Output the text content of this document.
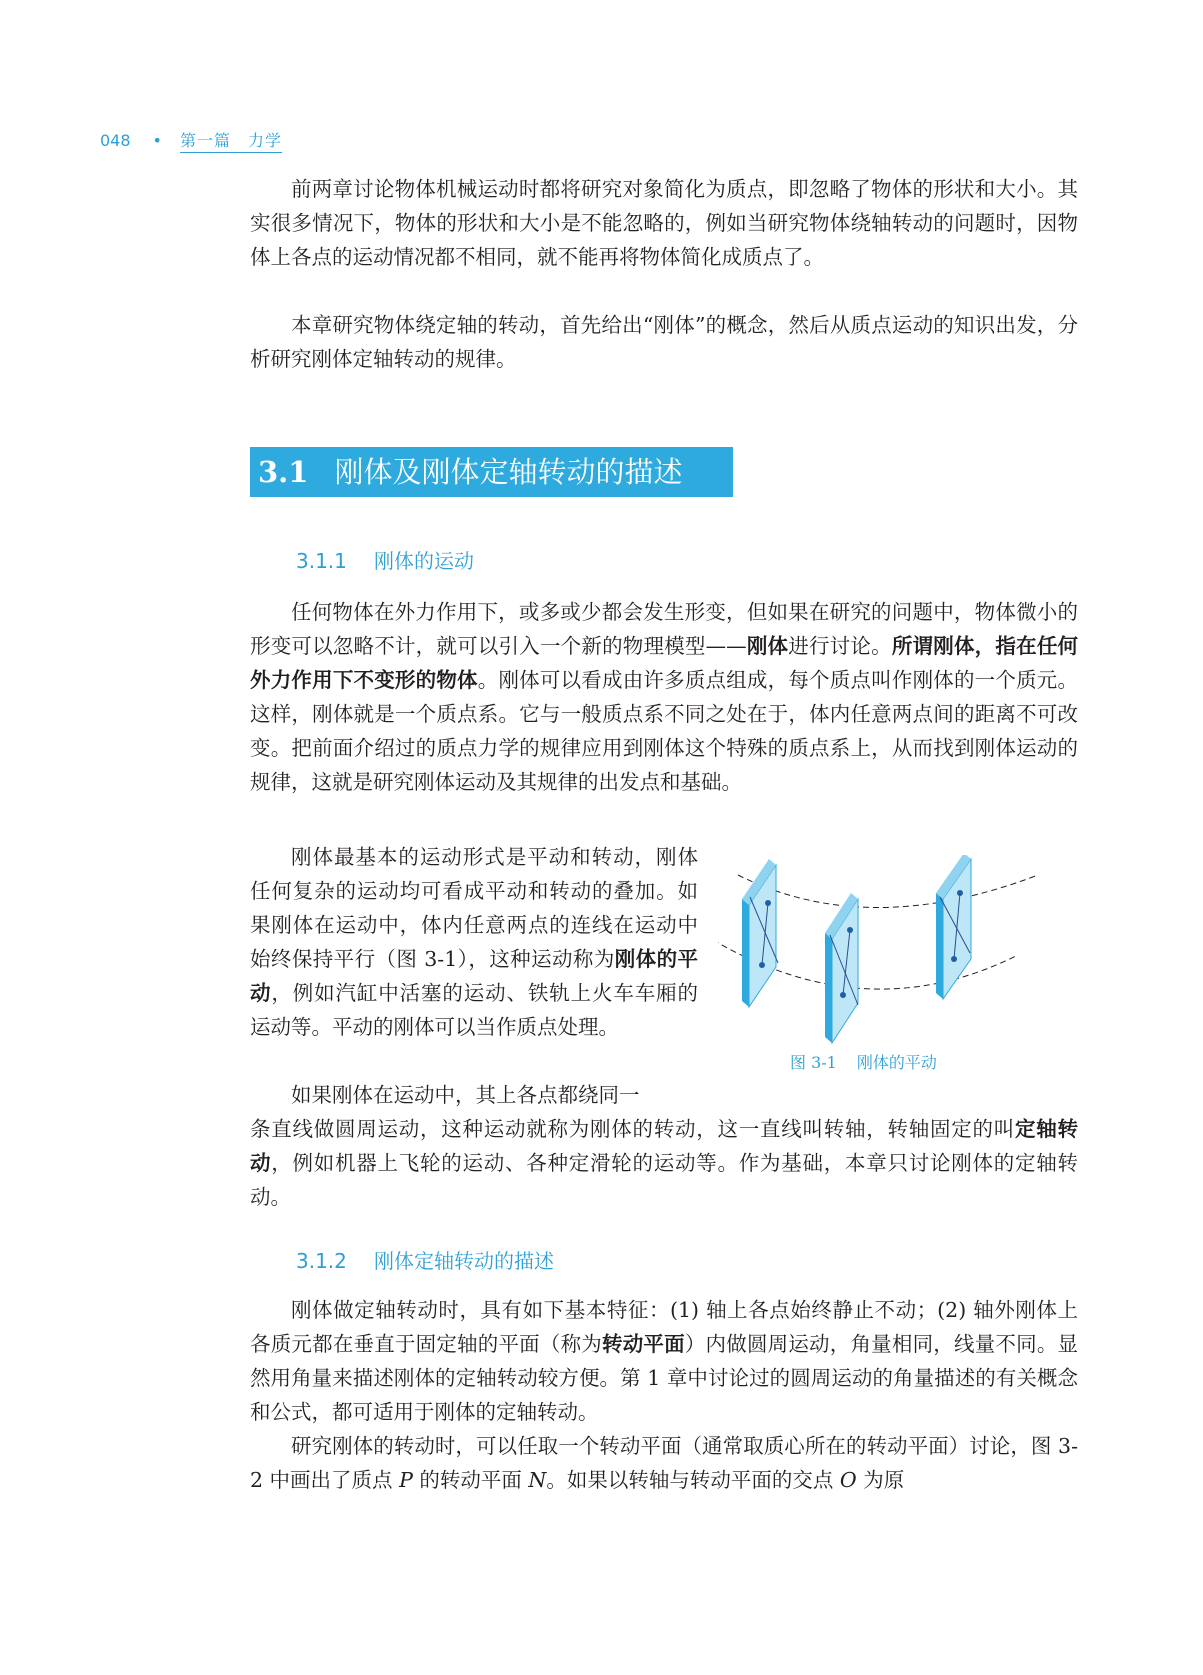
048 • 第一篇　力学

前两章讨论物体机械运动时都将研究对象简化为质点，即忽略了物体的形状和大小。其实很多情况下，物体的形状和大小是不能忽略的，例如当研究物体绕轴转动的问题时，因物体上各点的运动情况都不相同，就不能再将物体简化成质点了。

本章研究物体绕定轴的转动，首先给出“刚体”的概念，然后从质点运动的知识出发，分析研究刚体定轴转动的规律。

3.1 刚体及刚体定轴转动的描述
3.1.1 刚体的运动

任何物体在外力作用下，或多或少都会发生形变，但如果在研究的问题中，物体微小的形变可以忽略不计，就可以引入一个新的物理模型——刚体进行讨论。所谓刚体，指在任何外力作用下不变形的物体。刚体可以看成由许多质点组成，每个质点叫作刚体的一个质元。这样，刚体就是一个质点系。它与一般质点系不同之处在于，体内任意两点间的距离不可改变。把前面介绍过的质点力学的规律应用到刚体这个特殊的质点系上，从而找到刚体运动的规律，这就是研究刚体运动及其规律的出发点和基础。

刚体最基本的运动形式是平动和转动，刚体任何复杂的运动均可看成平动和转动的叠加。如果刚体在运动中，体内任意两点的连线在运动中始终保持平行（图 3-1），这种运动称为刚体的平动，例如汽缸中活塞的运动、铁轨上火车车厢的运动等。平动的刚体可以当作质点处理。

如果刚体在运动中，其上各点都绕同一

条直线做圆周运动，这种运动就称为刚体的转动，这一直线叫转轴，转轴固定的叫定轴转动，例如机器上飞轮的运动、各种定滑轮的运动等。作为基础，本章只讨论刚体的定轴转动。

图 3-1 刚体的平动
3.1.2 刚体定轴转动的描述

刚体做定轴转动时，具有如下基本特征：(1) 轴上各点始终静止不动；(2) 轴外刚体上各质元都在垂直于固定轴的平面（称为转动平面）内做圆周运动，角量相同，线量不同。显然用角量来描述刚体的定轴转动较方便。第 1 章中讨论过的圆周运动的角量描述的有关概念和公式，都可适用于刚体的定轴转动。

研究刚体的转动时，可以任取一个转动平面（通常取质心所在的转动平面）讨论，图 3-2 中画出了质点 P 的转动平面 N。如果以转轴与转动平面的交点 O 为原
